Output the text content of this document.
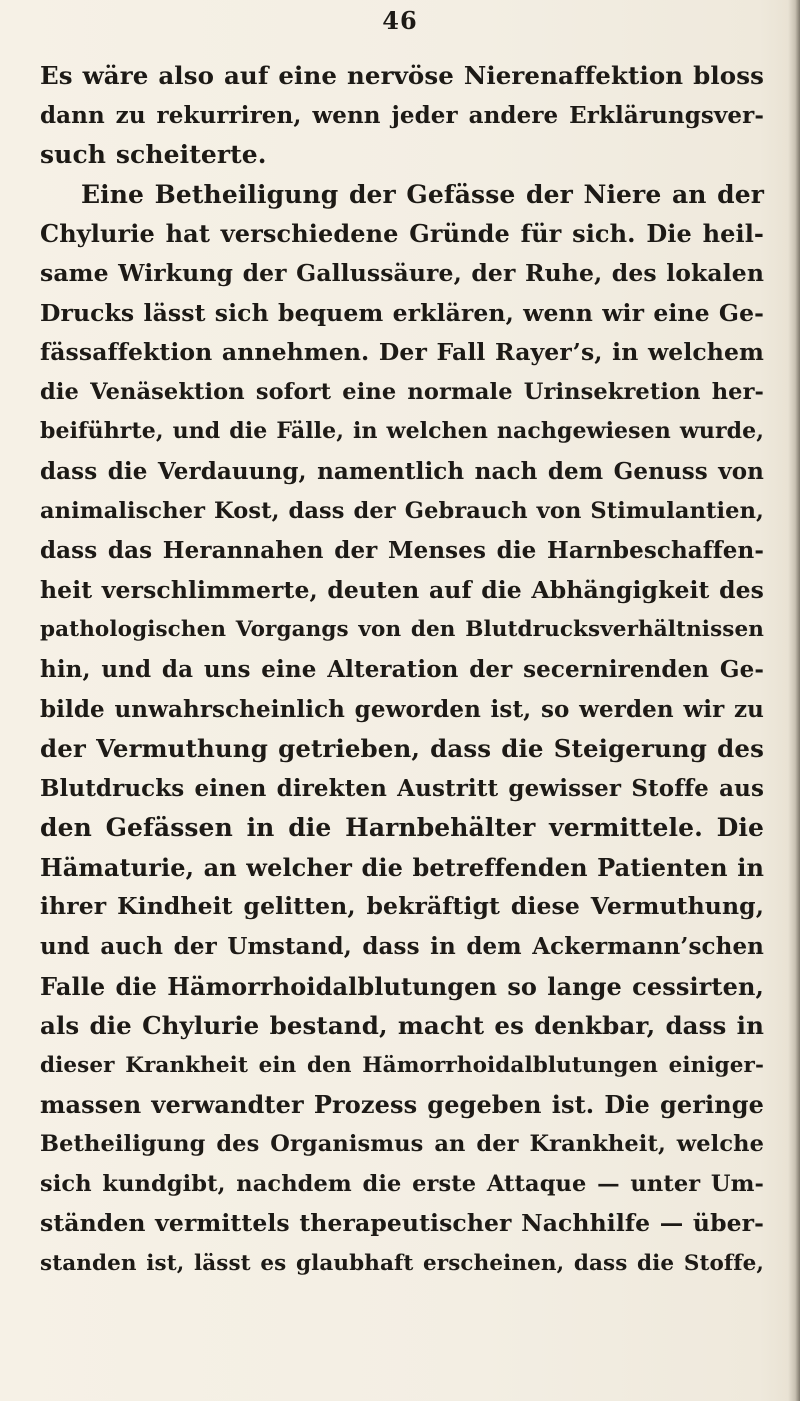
46
Es wäre also auf eine nervöse Nierenaffektion bloss
dann zu rekurriren, wenn jeder andere Erklärungsver-
such scheiterte.
Eine Betheiligung der Gefässe der Niere an der
Chylurie hat verschiedene Gründe für sich. Die heil-
same Wirkung der Gallussäure, der Ruhe, des lokalen
Drucks lässt sich bequem erklären, wenn wir eine Ge-
fässaffektion annehmen. Der Fall Rayer’s, in welchem
die Venäsektion sofort eine normale Urinsekretion her-
beiführte, und die Fälle, in welchen nachgewiesen wurde,
dass die Verdauung, namentlich nach dem Genuss von
animalischer Kost, dass der Gebrauch von Stimulantien,
dass das Herannahen der Menses die Harnbeschaffen-
heit verschlimmerte, deuten auf die Abhängigkeit des
pathologischen Vorgangs von den Blutdrucksverhältnissen
hin, und da uns eine Alteration der secernirenden Ge-
bilde unwahrscheinlich geworden ist, so werden wir zu
der Vermuthung getrieben, dass die Steigerung des
Blutdrucks einen direkten Austritt gewisser Stoffe aus
den Gefässen in die Harnbehälter vermittele. Die
Hämaturie, an welcher die betreffenden Patienten in
ihrer Kindheit gelitten, bekräftigt diese Vermuthung,
und auch der Umstand, dass in dem Ackermann’schen
Falle die Hämorrhoidalblutungen so lange cessirten,
als die Chylurie bestand, macht es denkbar, dass in
dieser Krankheit ein den Hämorrhoidalblutungen einiger-
massen verwandter Prozess gegeben ist. Die geringe
Betheiligung des Organismus an der Krankheit, welche
sich kundgibt, nachdem die erste Attaque — unter Um-
ständen vermittels therapeutischer Nachhilfe — über-
standen ist, lässt es glaubhaft erscheinen, dass die Stoffe,
